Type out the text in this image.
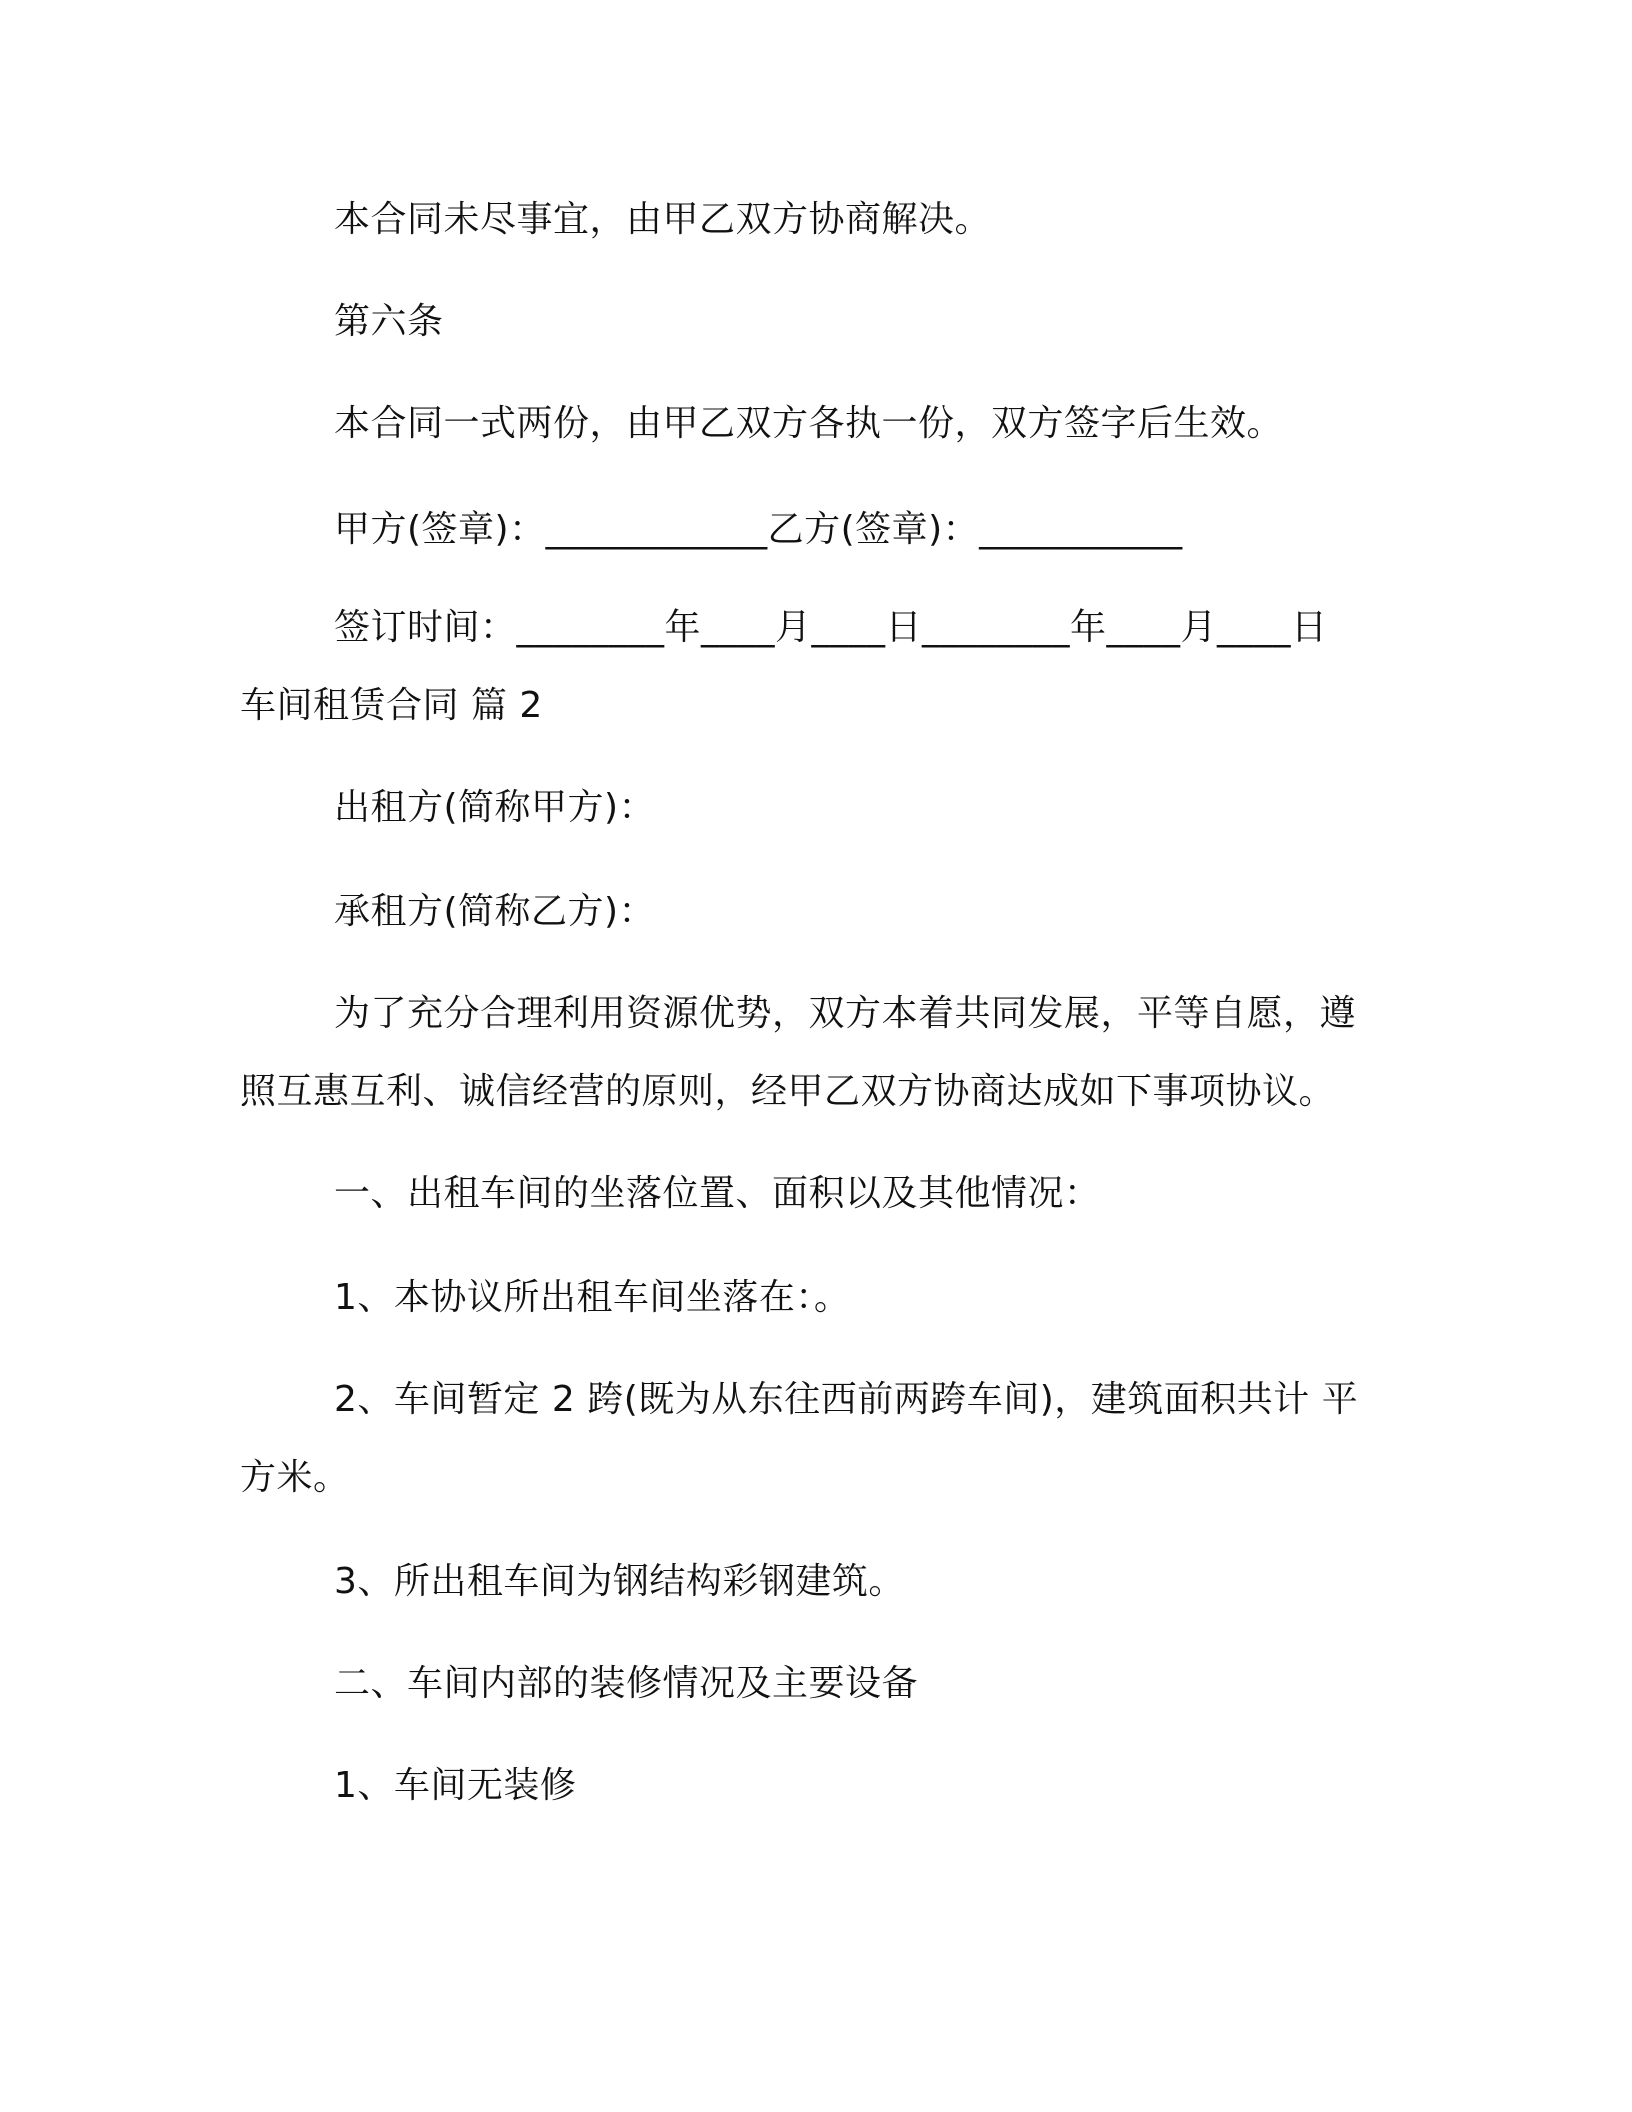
本合同未尽事宜，由甲乙双方协商解决。
第六条
本合同一式两份，由甲乙双方各执一份，双方签字后生效。
甲方(签章)：____________乙方(签章)：___________
签订时间：________年____月____日________年____月____日
车间租赁合同 篇 2
出租方(简称甲方)：
承租方(简称乙方)：
为了充分合理利用资源优势，双方本着共同发展，平等自愿，遵
照互惠互利、诚信经营的原则，经甲乙双方协商达成如下事项协议。
一、出租车间的坐落位置、面积以及其他情况：
1、本协议所出租车间坐落在：。
2、车间暂定 2 跨(既为从东往西前两跨车间)，建筑面积共计 平
方米。
3、所出租车间为钢结构彩钢建筑。
二、车间内部的装修情况及主要设备
1、车间无装修
